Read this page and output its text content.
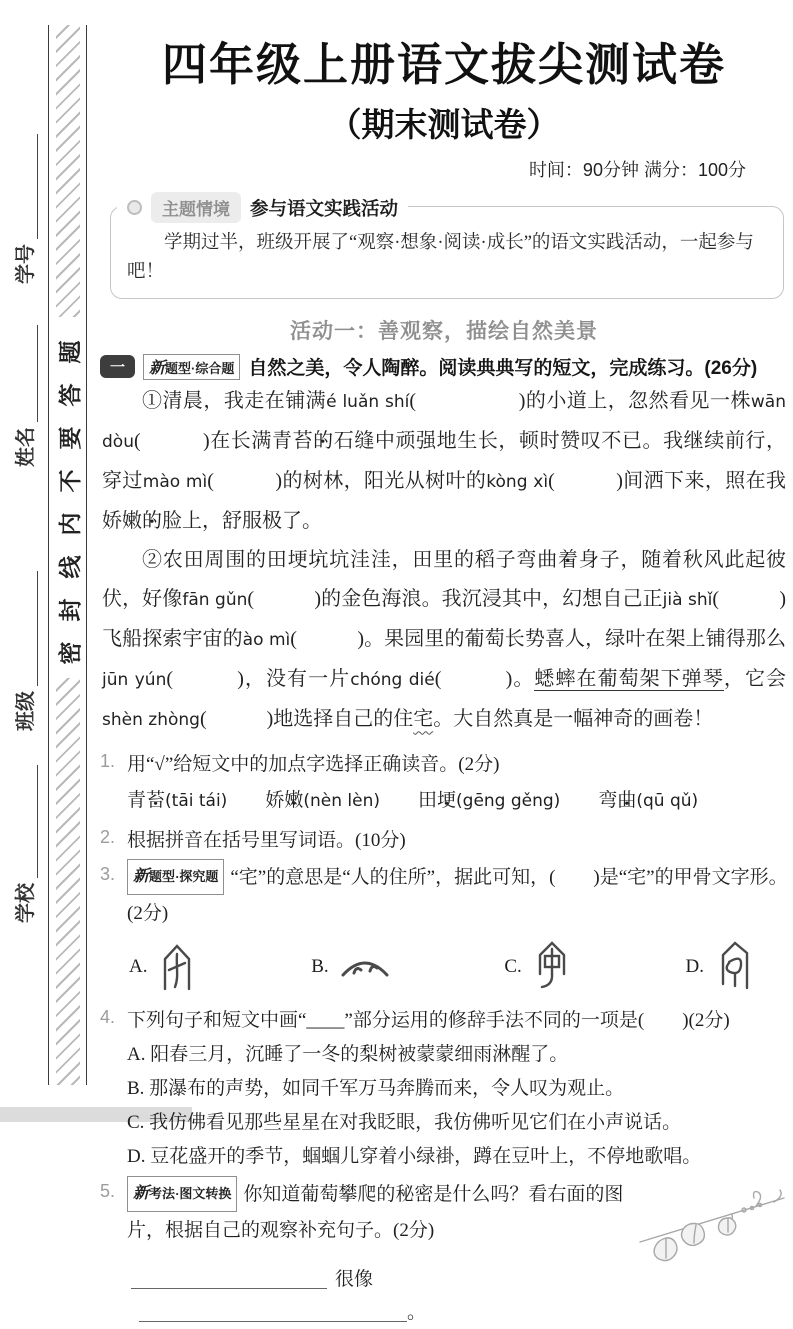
学号
姓名
班级
学校
题
答
要
不
内
线
封
密
四年级上册语文拔尖测试卷
（期末测试卷）
时间：90分钟 满分：100分
主题情境	参与语文实践活动
学期过半，班级开展了“观察·想象·阅读·成长”的语文实践活动，一起参与吧！
活动一：善观察，描绘自然美景
一	新 题型·综合题 自然之美，令人陶醉。阅读典典写的短文，完成练习。(26分)

①清晨，我走在铺满é luǎn shí(　　　　　)的小道上，忽然看见一株wān dòu(　　　)在长满青苔 •的石缝中顽强地生长，顿时赞叹不已。我继续前行，穿过mào mì(　　　)的树林，阳光从树叶的kòng xì(　　　)间洒下来，照在我娇嫩 •的脸上，舒服极了。

②农田周围的田埂 •坑坑洼洼，田里的稻子弯曲 •着身子，随着秋风此起彼伏，好像fān gǔn(　　　)的金色海浪。我沉浸其中，幻想自己正jià shǐ(　　　)飞船探索宇宙的ào mì(　　　)。果园里的葡萄长势喜人，绿叶在架上铺得那么jūn yún(　　　)，没有一片chóng dié(　　　)。蟋蟀在葡萄架下弹琴，它会shèn zhòng(　　　)地选择自己的住宅。大自然真是一幅神奇的画卷！

1. 用“√”给短文中的加点字选择正确读音。(2分)
青苔 •(tāi tái) 娇嫩 •(nèn lèn) 田埂 •(gēng gěng) 弯曲 •(qū qǔ)
2. 根据拼音在括号里写词语。(10分)
3.	新 题型·探究题 “宅”的意思是“人的住所”，据此可知，(　　)是“宅”的甲骨文字形。(2分)
A.	B.	C.	D.
4. 下列句子和短文中画“____”部分运用的修辞手法不同的一项是(　　)(2分)
A. 阳春三月，沉睡了一冬的梨树被蒙蒙细雨淋醒了。
B. 那瀑布的声势，如同千军万马奔腾而来，令人叹为观止。
C. 我仿佛看见那些星星在对我眨眼，我仿佛听见它们在小声说话。
D. 豆花盛开的季节，蝈蝈儿穿着小绿褂，蹲在豆叶上，不停地歌唱。
5.	新 考法·图文转换 你知道葡萄攀爬的秘密是什么吗？看右面的图片，根据自己的观察补充句子。(2分)
很像。
